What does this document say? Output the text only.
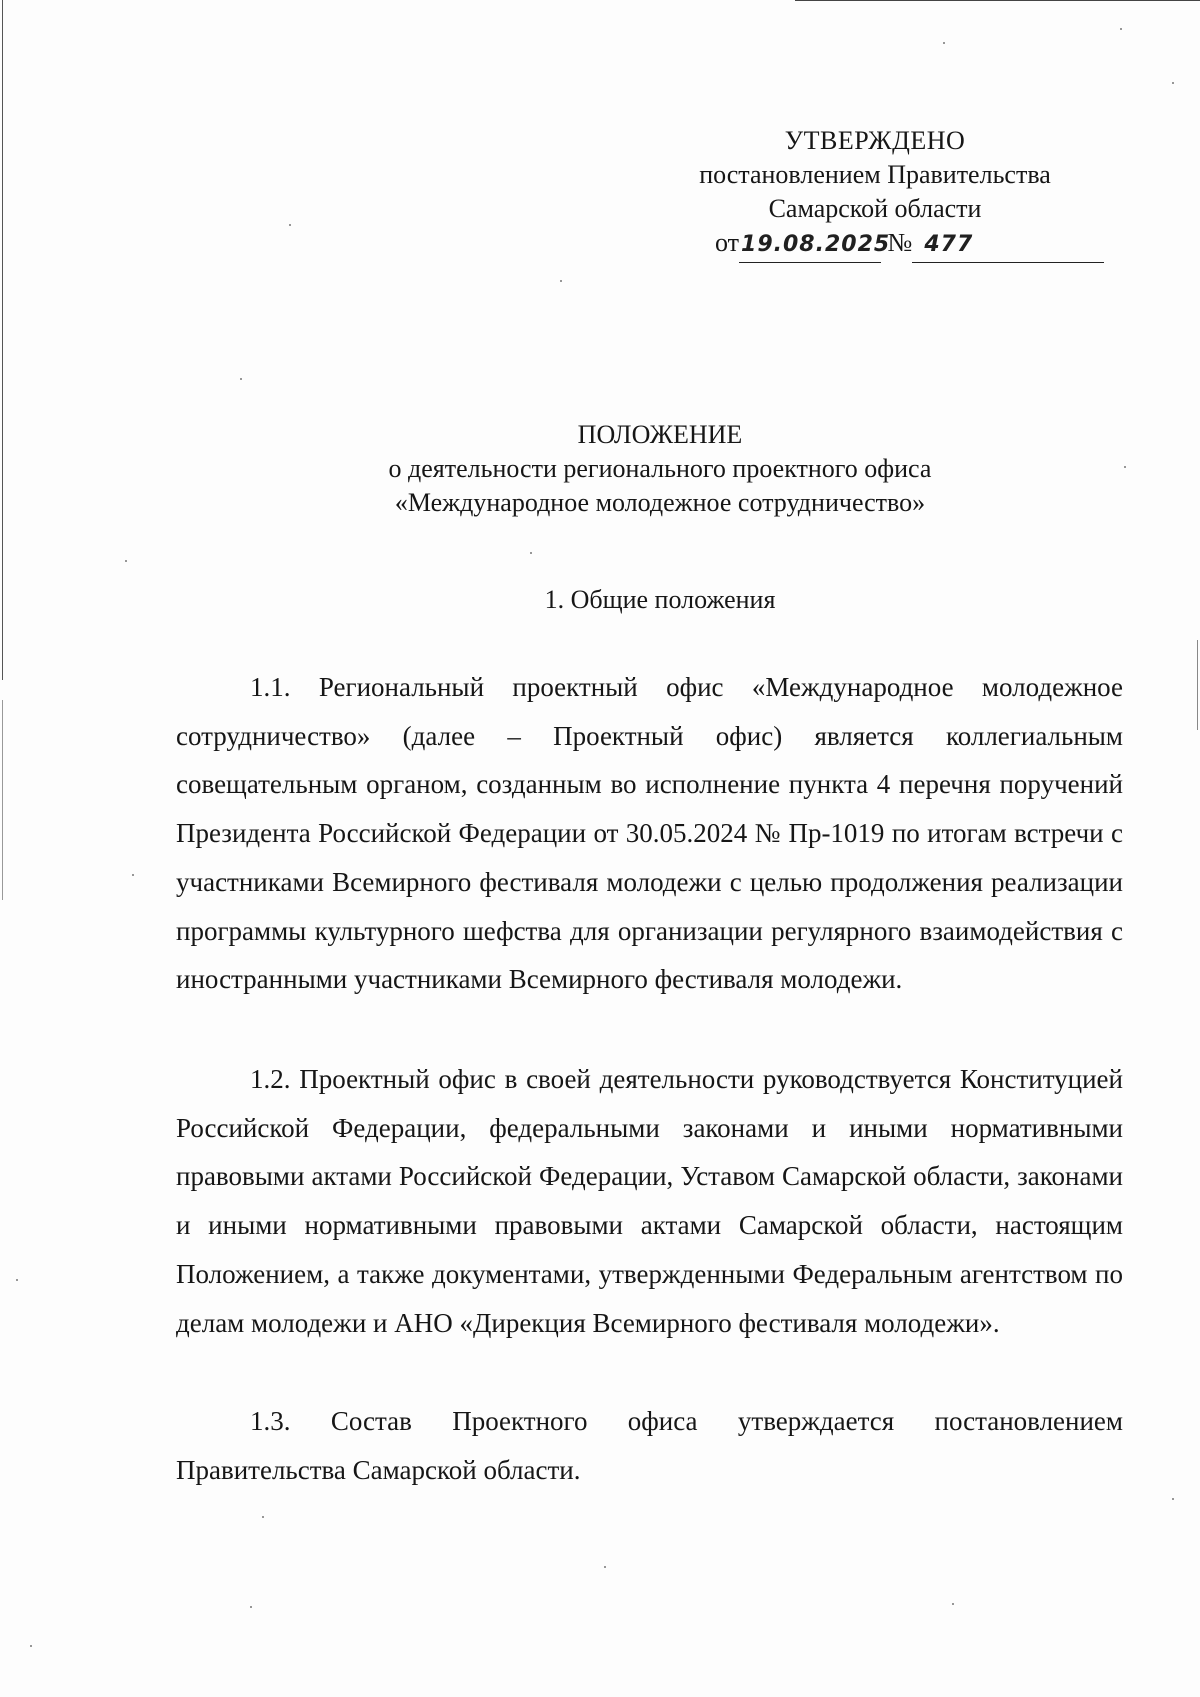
УТВЕРЖДЕНО
постановлением Правительства
Самарской области
от19.08.2025 № 477
ПОЛОЖЕНИЕ
о деятельности регионального проектного офиса
«Международное молодежное сотрудничество»
1. Общие положения

1.1. Региональный проектный офис «Международное молодежное сотрудничество» (далее – Проектный офис) является коллегиальным совещательным органом, созданным во исполнение пункта 4 перечня поручений Президента Российской Федерации от 30.05.2024 № Пр-1019 по итогам встречи с участниками Всемирного фестиваля молодежи с целью продолжения реализации программы культурного шефства для организации регулярного взаимодействия с иностранными участниками Всемирного фестиваля молодежи.

1.2. Проектный офис в своей деятельности руководствуется Конституцией Российской Федерации, федеральными законами и иными нормативными правовыми актами Российской Федерации, Уставом Самарской области, законами и иными нормативными правовыми актами Самарской области, настоящим Положением, а также документами, утвержденными Федеральным агентством по делам молодежи и АНО «Дирекция Всемирного фестиваля молодежи».

1.3. Состав Проектного офиса утверждается постановлением Правительства Самарской области.
